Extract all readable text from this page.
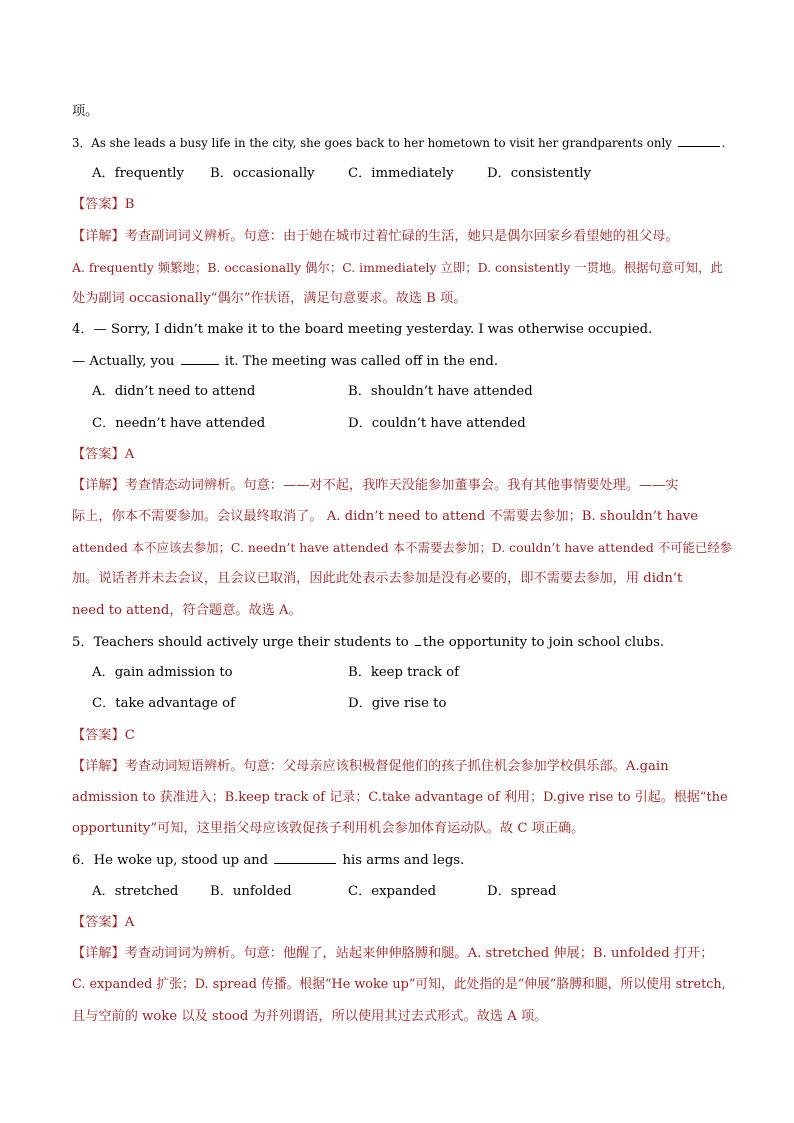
项。
3．As she leads a busy life in the city, she goes back to her hometown to visit her grandparents only	.
A．frequently B．occasionally	C．immediately	D．consistently
【答案】B
【详解】考查副词词义辨析。句意：由于她在城市过着忙碌的生活，她只是偶尔回家乡看望她的祖父母。
A. frequently 频繁地；B. occasionally 偶尔；C. immediately 立即；D. consistently 一贯地。根据句意可知，此
处为副词 occasionally“偶尔”作状语，满足句意要求。故选 B 项。
4．— Sorry, I didn’t make it to the board meeting yesterday. I was otherwise occupied.
— Actually, you	it. The meeting was called off in the end.
A．didn’t need to attend	B．shouldn’t have attended
C．needn’t have attended	D．couldn’t have attended
【答案】A
【详解】考查情态动词辨析。句意：——对不起，我昨天没能参加董事会。我有其他事情要处理。——实
际上，你本不需要参加。会议最终取消了。 A. didn’t need to attend 不需要去参加；B. shouldn’t have
attended 本不应该去参加；C. needn’t have attended 本不需要去参加；D. couldn’t have attended 不可能已经参
加。说话者并未去会议，且会议已取消，因此此处表示去参加是没有必要的，即不需要去参加，用 didn’t
need to attend，符合题意。故选 A。
5．Teachers should actively urge their students to the opportunity to join school clubs.
A．gain admission to	B．keep track of
C．take advantage of	D．give rise to
【答案】C
【详解】考查动词短语辨析。句意：父母亲应该积极督促他们的孩子抓住机会参加学校俱乐部。A.gain
admission to 获准进入；B.keep track of 记录；C.take advantage of 利用；D.give rise to 引起。根据“the
opportunity”可知，这里指父母应该敦促孩子利用机会参加体育运动队。故 C 项正确。
6．He woke up, stood up and	his arms and legs.
A．stretched B．unfolded	C．expanded	D．spread
【答案】A
【详解】考查动词词为辨析。句意：他醒了，站起来伸伸胳膊和腿。A. stretched 伸展；B. unfolded 打开；
C. expanded 扩张；D. spread 传播。根据“He woke up”可知，此处指的是“伸展”胳膊和腿，所以使用 stretch,
且与空前的 woke 以及 stood 为并列谓语，所以使用其过去式形式。故选 A 项。
